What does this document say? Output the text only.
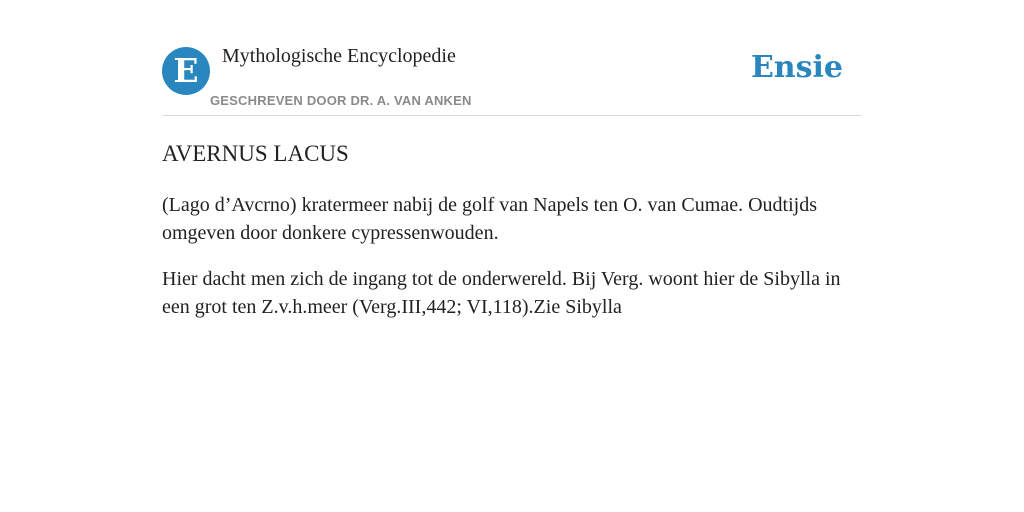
E	Mythologische Encyclopedie
GESCHREVEN DOOR DR. A. VAN ANKEN
Ensie
AVERNUS LACUS

(Lago d’Avcrno) kratermeer nabij de golf van Napels ten O. van Cumae. Oudtijds omgeven door donkere cypressenwouden.

Hier dacht men zich de ingang tot de onderwereld. Bij Verg. woont hier de Sibylla in een grot ten Z.v.h.meer (Verg.III,442; VI,118).Zie Sibylla
